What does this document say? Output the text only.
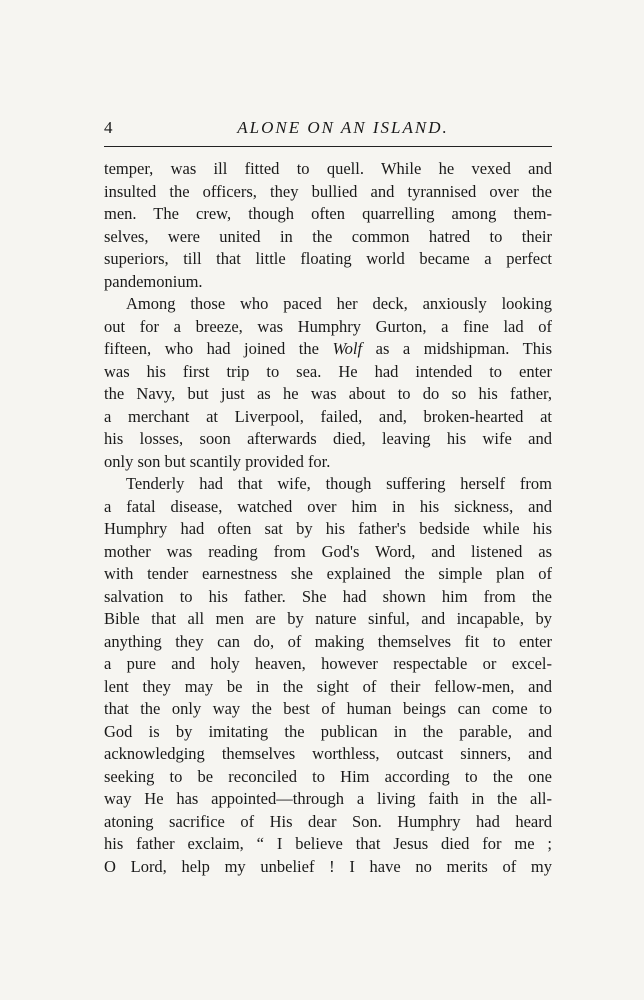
4	ALONE ON AN ISLAND.
temper, was ill fitted to quell. While he vexed and
insulted the officers, they bullied and tyrannised over the
men. The crew, though often quarrelling among them-
selves, were united in the common hatred to their
superiors, till that little floating world became a perfect
pandemonium.
Among those who paced her deck, anxiously looking
out for a breeze, was Humphry Gurton, a fine lad of
fifteen, who had joined the Wolf as a midshipman. This
was his first trip to sea. He had intended to enter
the Navy, but just as he was about to do so his father,
a merchant at Liverpool, failed, and, broken-hearted at
his losses, soon afterwards died, leaving his wife and
only son but scantily provided for.
Tenderly had that wife, though suffering herself from
a fatal disease, watched over him in his sickness, and
Humphry had often sat by his father's bedside while his
mother was reading from God's Word, and listened as
with tender earnestness she explained the simple plan of
salvation to his father. She had shown him from the
Bible that all men are by nature sinful, and incapable, by
anything they can do, of making themselves fit to enter
a pure and holy heaven, however respectable or excel-
lent they may be in the sight of their fellow-men, and
that the only way the best of human beings can come to
God is by imitating the publican in the parable, and
acknowledging themselves worthless, outcast sinners, and
seeking to be reconciled to Him according to the one
way He has appointed—through a living faith in the all-
atoning sacrifice of His dear Son. Humphry had heard
his father exclaim, “ I believe that Jesus died for me ;
O Lord, help my unbelief ! I have no merits of my
